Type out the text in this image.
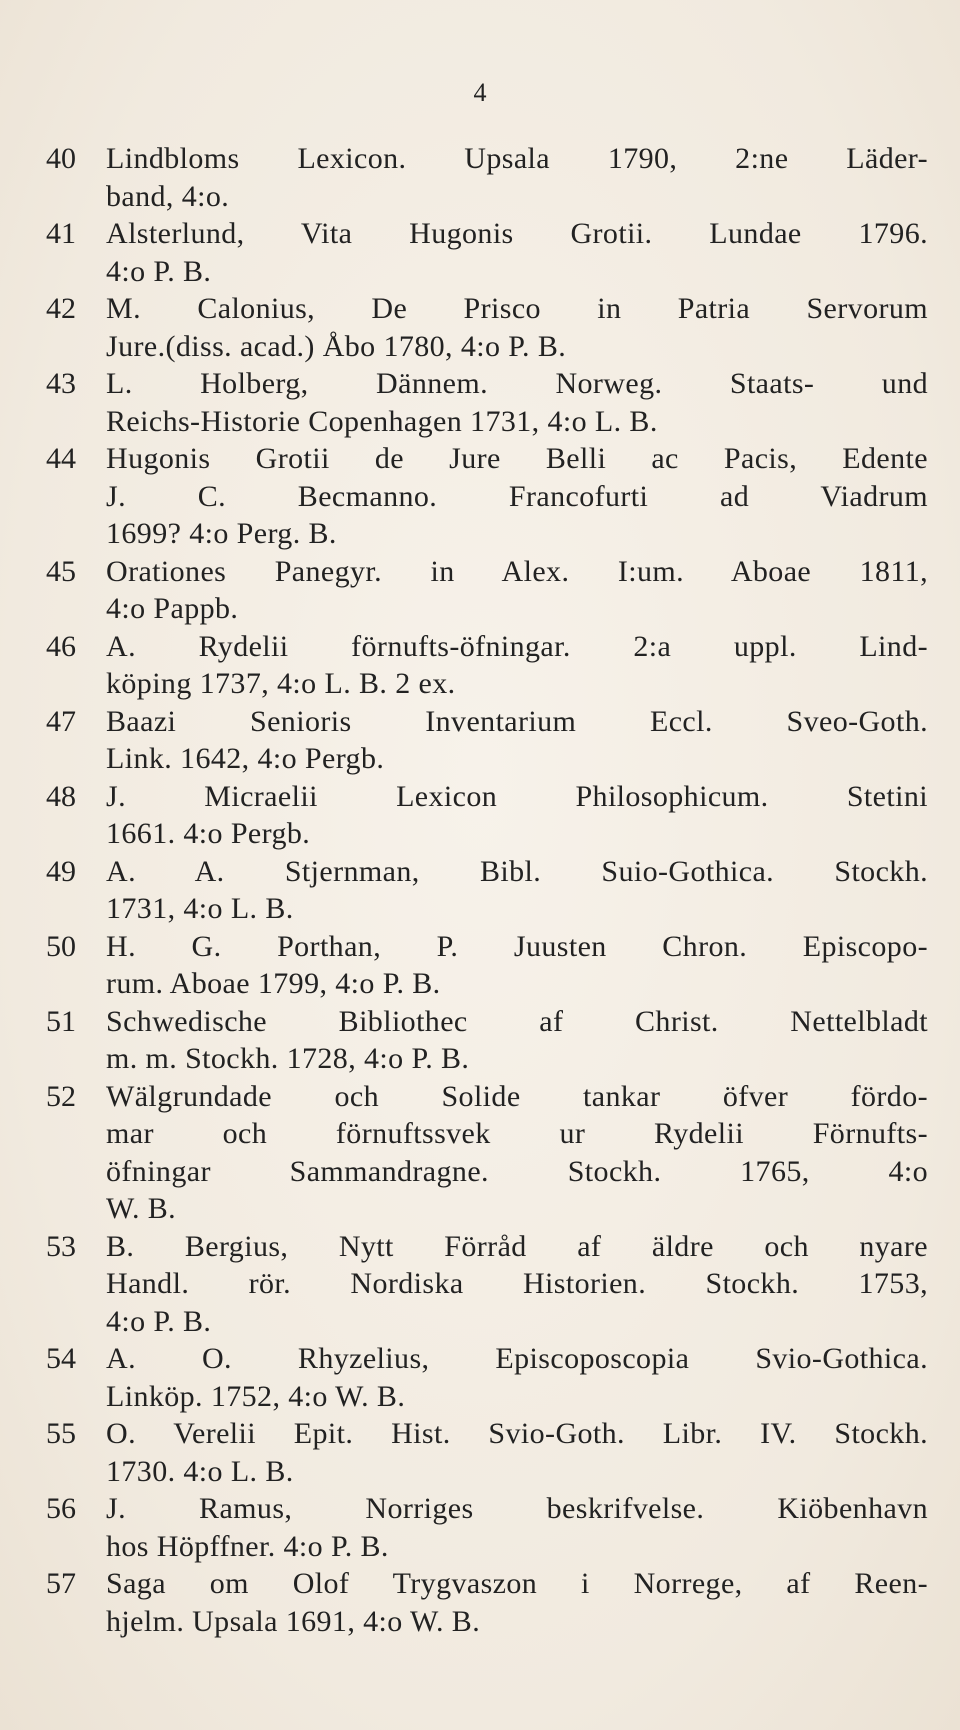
4
40	Lindbloms Lexicon. Upsala 1790, 2:ne Läder-
band, 4:o.
41	Alsterlund, Vita Hugonis Grotii. Lundae 1796.
4:o P. B.
42	M. Calonius, De Prisco in Patria Servorum
Jure.(diss. acad.) Åbo 1780, 4:o P. B.
43	L. Holberg, Dännem. Norweg. Staats- und
Reichs-Historie Copenhagen 1731, 4:o L. B.
44	Hugonis Grotii de Jure Belli ac Pacis, Edente
J. C. Becmanno. Francofurti ad Viadrum
1699? 4:o Perg. B.
45	Orationes Panegyr. in Alex. I:um. Aboae 1811,
4:o Pappb.
46	A. Rydelii förnufts-öfningar. 2:a uppl. Lind-
köping 1737, 4:o L. B. 2 ex.
47	Baazi Senioris Inventarium Eccl. Sveo-Goth.
Link. 1642, 4:o Pergb.
48	J. Micraelii Lexicon Philosophicum. Stetini
1661. 4:o Pergb.
49	A. A. Stjernman, Bibl. Suio-Gothica. Stockh.
1731, 4:o L. B.
50	H. G. Porthan, P. Juusten Chron. Episcopo-
rum. Aboae 1799, 4:o P. B.
51	Schwedische Bibliothec af Christ. Nettelbladt
m. m. Stockh. 1728, 4:o P. B.
52	Wälgrundade och Solide tankar öfver fördo-
mar och förnuftssvek ur Rydelii Förnufts-
öfningar Sammandragne. Stockh. 1765, 4:o
W. B.
53	B. Bergius, Nytt Förråd af äldre och nyare
Handl. rör. Nordiska Historien. Stockh. 1753,
4:o P. B.
54	A. O. Rhyzelius, Episcoposcopia Svio-Gothica.
Linköp. 1752, 4:o W. B.
55	O. Verelii Epit. Hist. Svio-Goth. Libr. IV. Stockh.
1730. 4:o L. B.
56	J. Ramus, Norriges beskrifvelse. Kiöbenhavn
hos Höpffner. 4:o P. B.
57	Saga om Olof Trygvaszon i Norrege, af Reen-
hjelm. Upsala 1691, 4:o W. B.
